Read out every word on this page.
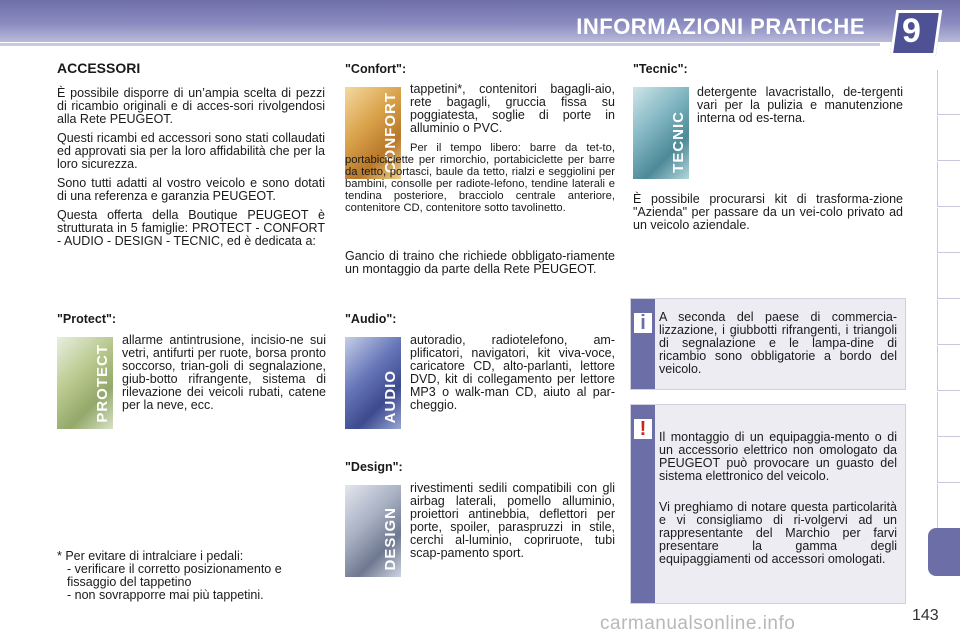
INFORMAZIONI PRATICHE 9
ACCESSORI

È possibile disporre di un’ampia scelta di pezzi di ricambio originali e di acces-sori rivolgendosi alla Rete PEUGEOT.

Questi ricambi ed accessori sono stati collaudati ed approvati sia per la loro affidabilità che per la loro sicurezza.

Sono tutti adatti al vostro veicolo e sono dotati di una referenza e garanzia PEUGEOT.

Questa offerta della Boutique PEUGEOT è strutturata in 5 famiglie: PROTECT - CONFORT - AUDIO - DESIGN - TECNIC, ed è dedicata a:

"Protect":
PROTECT
allarme antintrusione, incisio-ne sui vetri, antifurti per ruote, borsa pronto soccorso, trian-goli di segnalazione, giub-botto rifrangente, sistema di rilevazione dei veicoli rubati, catene per la neve, ecc.
"Confort":
CONFORT
tappetini*, contenitori bagagli-aio, rete bagagli, gruccia fissa su poggiatesta, soglie di porte in alluminio o PVC.
Per il tempo libero: barre da tet-to, portabiciclette per rimorchio, portabiciclette per barre da tetto, portasci, baule da tetto, rialzi e seggiolini per bambini, consolle per radiote-lefono, tendine laterali e tendina posteriore, bracciolo centrale anteriore, contenitore CD, contenitore sotto tavolinetto.
Gancio di traino che richiede obbligato-riamente un montaggio da parte della Rete PEUGEOT.
"Audio":
AUDIO
autoradio, radiotelefono, am-plificatori, navigatori, kit viva-voce, caricatore CD, alto-parlanti, lettore DVD, kit di collegamento per lettore MP3 o walk-man CD, aiuto al par-cheggio.
"Design":
DESIGN
rivestimenti sedili compatibili con gli airbag laterali, pomello alluminio, proiettori antinebbia, deflettori per porte, spoiler, paraspruzzi in stile, cerchi al-luminio, copriruote, tubi scap-pamento sport.
"Tecnic":
TECNIC
detergente lavacristallo, de-tergenti vari per la pulizia e manutenzione interna od es-terna.
È possibile procurarsi kit di trasforma-zione "Azienda" per passare da un vei-colo privato ad un veicolo aziendale.
i	A seconda del paese di commercia-lizzazione, i giubbotti rifrangenti, i triangoli di segnalazione e le lampa-dine di ricambio sono obbligatorie a bordo del veicolo.
!	Il montaggio di un equipaggia-mento o di un accessorio elettrico non omologato da PEUGEOT può provocare un guasto del sistema elettronico del veicolo.
Vi preghiamo di notare questa particolarità e vi consigliamo di ri-volgervi ad un rappresentante del Marchio per farvi presentare la gamma degli equipaggiamenti od accessori omologati.
* Per evitare di intralciare i pedali:
- verificare il corretto posizionamento e fissaggio del tappetino
- non sovrapporre mai più tappetini.
143
carmanualsonline.info
